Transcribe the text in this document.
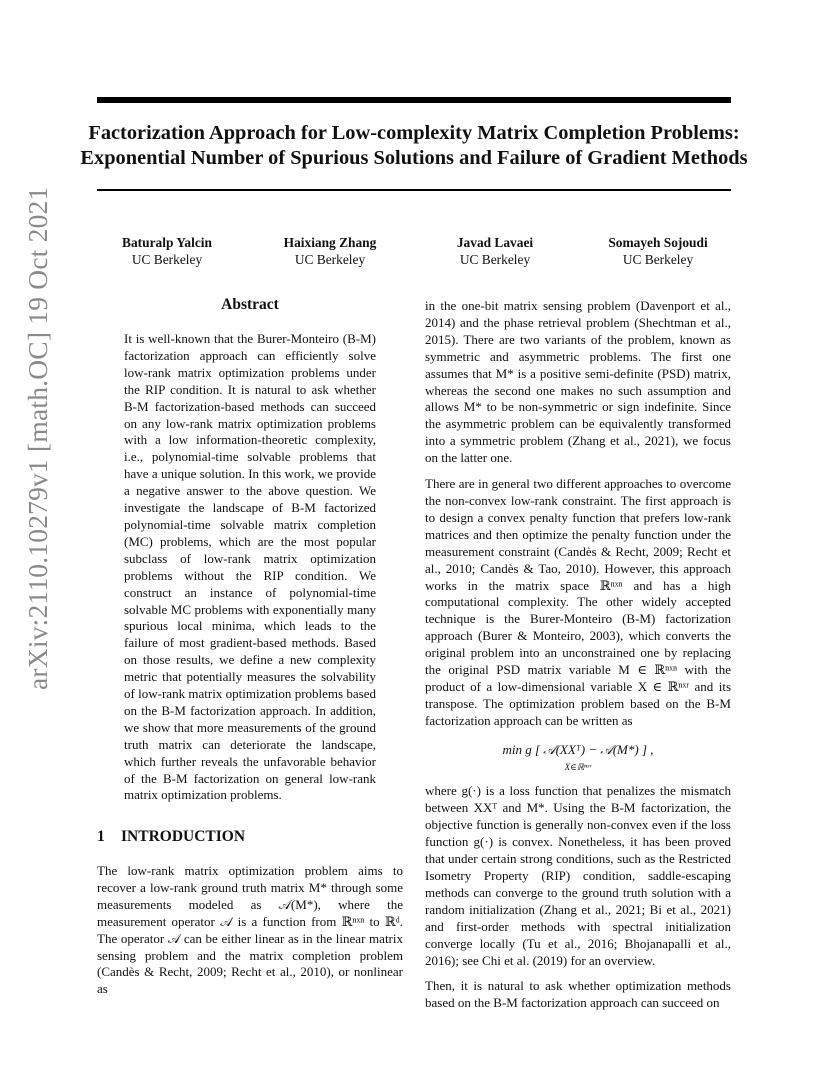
Factorization Approach for Low-complexity Matrix Completion Problems:
Exponential Number of Spurious Solutions and Failure of Gradient Methods
Baturalp Yalcin
UC Berkeley
Haixiang Zhang
UC Berkeley
Javad Lavaei
UC Berkeley
Somayeh Sojoudi
UC Berkeley
arXiv:2110.10279v1 [math.OC] 19 Oct 2021	Abstract
It is well-known that the Burer-Monteiro (B-M) factorization approach can efficiently solve low-rank matrix optimization problems under the RIP condition. It is natural to ask whether B-M factorization-based methods can succeed on any low-rank matrix optimization problems with a low information-theoretic complexity, i.e., polynomial-time solvable problems that have a unique solution. In this work, we provide a negative answer to the above question. We investigate the landscape of B-M factorized polynomial-time solvable matrix completion (MC) problems, which are the most popular subclass of low-rank matrix optimization problems without the RIP condition. We construct an instance of polynomial-time solvable MC problems with exponentially many spurious local minima, which leads to the failure of most gradient-based methods. Based on those results, we define a new complexity metric that potentially measures the solvability of low-rank matrix optimization problems based on the B-M factorization approach. In addition, we show that more measurements of the ground truth matrix can deteriorate the landscape, which further reveals the unfavorable behavior of the B-M factorization on general low-rank matrix optimization problems.
1 INTRODUCTION

The low-rank matrix optimization problem aims to recover a low-rank ground truth matrix M* through some measurements modeled as 𝒜(M*), where the measurement operator 𝒜 is a function from ℝⁿˣⁿ to ℝᵈ. The operator 𝒜 can be either linear as in the linear matrix sensing problem and the matrix completion problem (Candès & Recht, 2009; Recht et al., 2010), or nonlinear as

in the one-bit matrix sensing problem (Davenport et al., 2014) and the phase retrieval problem (Shechtman et al., 2015). There are two variants of the problem, known as symmetric and asymmetric problems. The first one assumes that M* is a positive semi-definite (PSD) matrix, whereas the second one makes no such assumption and allows M* to be non-symmetric or sign indefinite. Since the asymmetric problem can be equivalently transformed into a symmetric problem (Zhang et al., 2021), we focus on the latter one.

There are in general two different approaches to overcome the non-convex low-rank constraint. The first approach is to design a convex penalty function that prefers low-rank matrices and then optimize the penalty function under the measurement constraint (Candès & Recht, 2009; Recht et al., 2010; Candès & Tao, 2010). However, this approach works in the matrix space ℝⁿˣⁿ and has a high computational complexity. The other widely accepted technique is the Burer-Monteiro (B-M) factorization approach (Burer & Monteiro, 2003), which converts the original problem into an unconstrained one by replacing the original PSD matrix variable M ∈ ℝⁿˣⁿ with the product of a low-dimensional variable X ∈ ℝⁿˣʳ and its transpose. The optimization problem based on the B-M factorization approach can be written as

min g [ 𝒜(XXᵀ) − 𝒜(M*) ] ,
X∈ℝⁿˣʳ

where g(·) is a loss function that penalizes the mismatch between XXᵀ and M*. Using the B-M factorization, the objective function is generally non-convex even if the loss function g(·) is convex. Nonetheless, it has been proved that under certain strong conditions, such as the Restricted Isometry Property (RIP) condition, saddle-escaping methods can converge to the ground truth solution with a random initialization (Zhang et al., 2021; Bi et al., 2021) and first-order methods with spectral initialization converge locally (Tu et al., 2016; Bhojanapalli et al., 2016); see Chi et al. (2019) for an overview.

Then, it is natural to ask whether optimization methods based on the B-M factorization approach can succeed on
